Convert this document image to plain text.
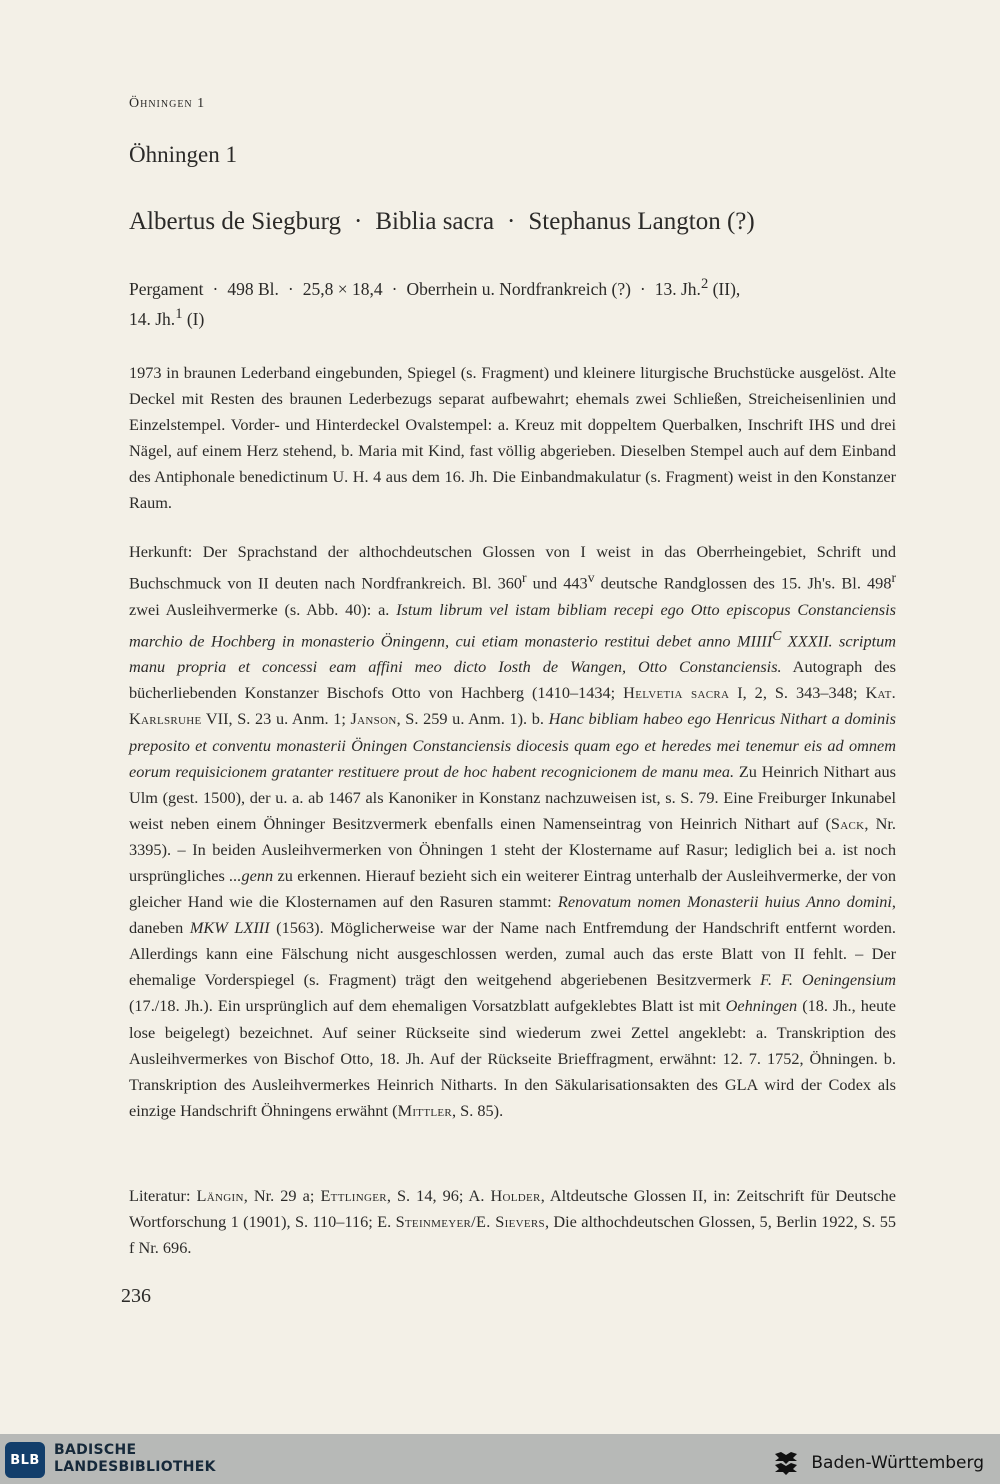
Öhningen 1
Öhningen 1
Albertus de Siegburg · Biblia sacra · Stephanus Langton (?)
Pergament · 498 Bl. · 25,8 × 18,4 · Oberrhein u. Nordfrankreich (?) · 13. Jh.$^2$ (II),
14. Jh.$^1$ (I)

1973 in braunen Lederband eingebunden, Spiegel (s. Fragment) und kleinere liturgische Bruchstücke ausgelöst. Alte Deckel mit Resten des braunen Lederbezugs separat aufbewahrt; ehemals zwei Schließen, Streicheisenlinien und Einzelstempel. Vorder- und Hinterdeckel Ovalstempel: a. Kreuz mit doppeltem Querbalken, Inschrift IHS und drei Nägel, auf einem Herz stehend, b. Maria mit Kind, fast völlig abgerieben. Dieselben Stempel auch auf dem Einband des Antiphonale benedictinum U. H. 4 aus dem 16. Jh. Die Einbandmakulatur (s. Fragment) weist in den Konstanzer Raum.

Herkunft: Der Sprachstand der althochdeutschen Glossen von I weist in das Oberrheingebiet, Schrift und Buchschmuck von II deuten nach Nordfrankreich. Bl. 360$^r$ und 443$^v$ deutsche Randglossen des 15. Jh's. Bl. 498$^r$ zwei Ausleihvermerke (s. Abb. 40): a. Istum librum vel istam bibliam recepi ego Otto episcopus Constanciensis marchio de Hochberg in monasterio Öningenn, cui etiam monasterio restitui debet anno $MIIII^C$ XXXII. scriptum manu propria et concessi eam affini meo dicto Iosth de Wangen, Otto Constanciensis. Autograph des bücherliebenden Konstanzer Bischofs Otto von Hachberg (1410–1434; Helvetia sacra I, 2, S. 343–348; Kat. Karlsruhe VII, S. 23 u. Anm. 1; Janson, S. 259 u. Anm. 1). b. Hanc bibliam habeo ego Henricus Nithart a dominis preposito et conventu monasterii Öningen Constanciensis diocesis quam ego et heredes mei tenemur eis ad omnem eorum requisicionem gratanter restituere prout de hoc habent recognicionem de manu mea. Zu Heinrich Nithart aus Ulm (gest. 1500), der u. a. ab 1467 als Kanoniker in Konstanz nachzuweisen ist, s. S. 79. Eine Freiburger Inkunabel weist neben einem Öhninger Besitzvermerk ebenfalls einen Namenseintrag von Heinrich Nithart auf (Sack, Nr. 3395). – In beiden Ausleihvermerken von Öhningen 1 steht der Klostername auf Rasur; lediglich bei a. ist noch ursprüngliches ...genn zu erkennen. Hierauf bezieht sich ein weiterer Eintrag unterhalb der Ausleihvermerke, der von gleicher Hand wie die Klosternamen auf den Rasuren stammt: Renovatum nomen Monasterii huius Anno domini, daneben MKW LXIII (1563). Möglicherweise war der Name nach Entfremdung der Handschrift entfernt worden. Allerdings kann eine Fälschung nicht ausgeschlossen werden, zumal auch das erste Blatt von II fehlt. – Der ehemalige Vorderspiegel (s. Fragment) trägt den weitgehend abgeriebenen Besitzvermerk F. F. Oeningensium (17./18. Jh.). Ein ursprünglich auf dem ehemaligen Vorsatzblatt aufgeklebtes Blatt ist mit Oehningen (18. Jh., heute lose beigelegt) bezeichnet. Auf seiner Rückseite sind wiederum zwei Zettel angeklebt: a. Transkription des Ausleihvermerkes von Bischof Otto, 18. Jh. Auf der Rückseite Brieffragment, erwähnt: 12. 7. 1752, Öhningen. b. Transkription des Ausleihvermerkes Heinrich Nitharts. In den Säkularisationsakten des GLA wird der Codex als einzige Handschrift Öhningens erwähnt (Mittler, S. 85).

Literatur: Längin, Nr. 29 a; Ettlinger, S. 14, 96; A. Holder, Altdeutsche Glossen II, in: Zeitschrift für Deutsche Wortforschung 1 (1901), S. 110–116; E. Steinmeyer/E. Sievers, Die althochdeutschen Glossen, 5, Berlin 1922, S. 55 f Nr. 696.

236
BLB
BADISCHE
LANDESBIBLIOTHEK	Baden-Württemberg
